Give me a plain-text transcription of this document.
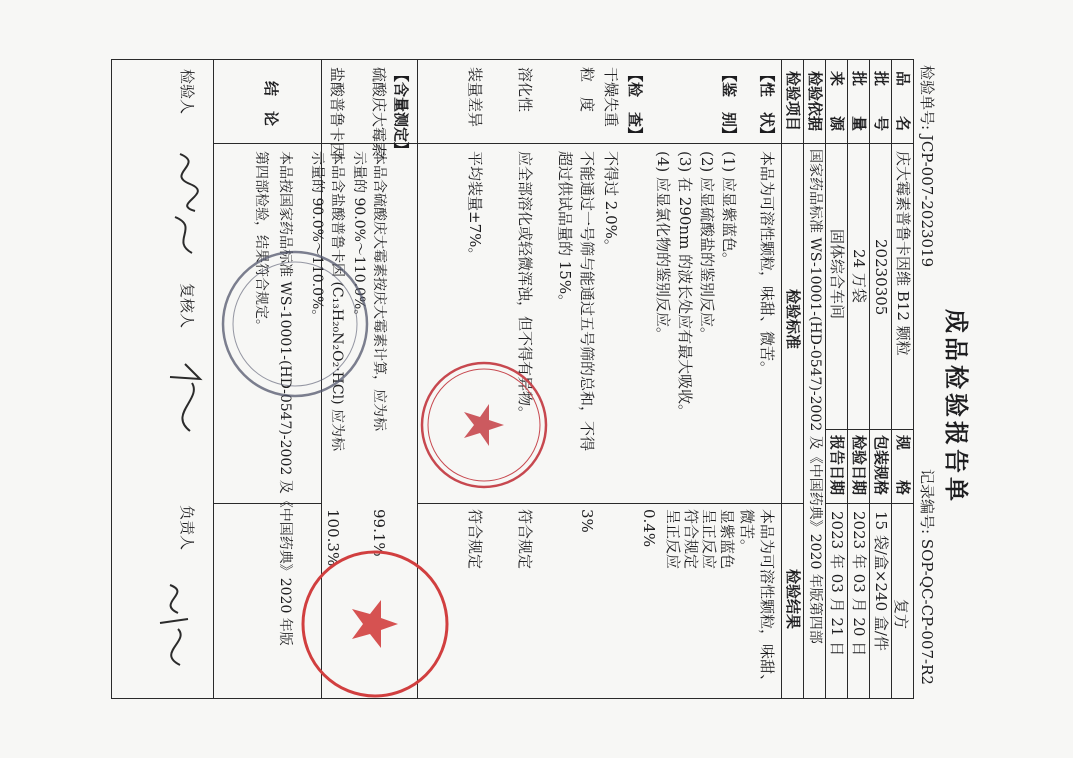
成品检验报告单
检验单号: JCP-007-2023019
记录编号: SOP-QC-CP-007-R2
复方
品　　名
庆大霉素普鲁卡因维 B12 颗粒
规　　格
批　　号
20230305
包装规格
15 袋/盒×240 盒/件
批　　量
24 万袋
检验日期
2023 年 03 月 20 日
来　　源
固体综合车间
报告日期
2023 年 03 月 21 日
检验依据
国家药品标准 WS-10001-(HD-0547)-2002 及《中国药典》2020 年版第四部
检验项目
检验标准
检验结果
【性　状】
本品为可溶性颗粒，味甜、微苦。
本品为可溶性颗粒，味甜、
微苦。
【鉴　别】
(1) 应显紫蓝色。
(2) 应显硫酸盐的鉴别反应。
(3) 在 290nm 的波长处应有最大吸收。
(4) 应显氯化物的鉴别反应。
显紫蓝色
呈正反应
符合规定
呈正反应
【检　查】
干燥失重
不得过 2.0%。
0.4%
粒　度
不能通过一号筛与能通过五号筛的总和，不得
超过供试品量的 15%。
3%
溶化性
应全部溶化或轻微浑浊，但不得有异物。
符合规定
装量差异
平均装量±7%。
符合规定
【含量测定】
硫酸庆大霉素
本品含硫酸庆大霉素按庆大霉素计算，应为标
示量的 90.0%～110.0%。
99.1%
盐酸普鲁卡因
本品含盐酸普鲁卡因 (C₁₃H₂₀N₂O₂·HCl) 应为标
示量的 90.0%～110.0%。
100.3%
结　论
本品按国家药品标准 WS-10001-(HD-0547)-2002 及《中国药典》2020 年版
第四部检验，结果符合规定。
检验人
复核人
负责人
